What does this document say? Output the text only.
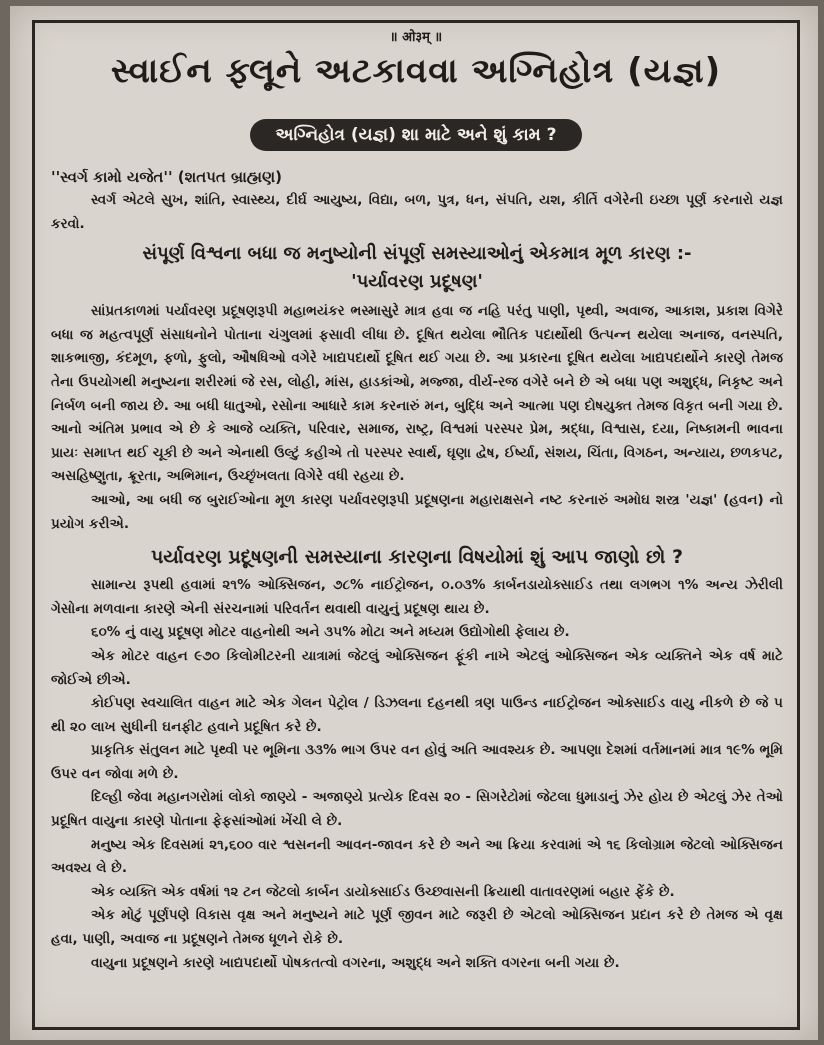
॥ ओ३म् ॥
સ્વાઈન ફ્લૂને અટકાવવા અગ્નિહોત્ર (યજ્ઞ)
અગ્નિહોત્ર (યજ્ઞ) શા માટે અને શું કામ ?

''સ્વર્ગ કામો યજેત'' (શતપત બ્રાહ્મણ)

સ્વર્ગ એટલે સુખ, શાંતિ, સ્વાસ્થ્ય, દીર્ઘ આયુષ્ય, વિદ્યા, બળ, પુત્ર, ધન, સંપતિ, યશ, કીર્તિ વગેરેની ઇચ્છા પૂર્ણ કરનારો યજ્ઞ કરવો.

સંપૂર્ણ વિશ્વના બધા જ મનુષ્યોની સંપૂર્ણ સમસ્યાઓનું એકમાત્ર મૂળ કારણ :-
'પર્યાવરણ પ્રદૂષણ'

સાંપ્રતકાળમાં પર્યાવરણ પ્રદૂષણરૂપી મહાભયંકર ભસ્માસુરે માત્ર હવા જ નહિ પરંતુ પાણી, પૃથ્વી, અવાજ, આકાશ, પ્રકાશ વિગેરે બધા જ મહત્વપૂર્ણ સંસાધનોને પોતાના ચંગુલમાં ફસાવી લીધા છે. દૂષિત થયેલા ભૌતિક પદાર્થોથી ઉત્પન્ન થયેલા અનાજ, વનસ્પતિ, શાકભાજી, કંદમૂળ, ફળો, ફુલો, ઔષધિઓ વગેરે ખાદ્યપદાર્થો દૂષિત થઈ ગયા છે. આ પ્રકારના દૂષિત થયેલા ખાદ્યપદાર્થોને કારણે તેમજ તેના ઉપયોગથી મનુષ્યના શરીરમાં જે રસ, લોહી, માંસ, હાડકાંઓ, મજ્જા, વીર્ય-રજ વગેરે બને છે એ બધા પણ અશુદ્ધ, નિકૃષ્ટ અને નિર્બળ બની જાય છે. આ બધી ધાતુઓ, રસોના આધારે કામ કરનારું મન, બુદ્ધિ અને આત્મા પણ દોષયુક્ત તેમજ વિકૃત બની ગયા છે. આનો અંતિમ પ્રભાવ એ છે કે આજે વ્યક્તિ, પરિવાર, સમાજ, રાષ્ટ્ર, વિશ્વમાં પરસ્પર પ્રેમ, શ્રદ્ધા, વિશ્વાસ, દયા, નિષ્કામની ભાવના પ્રાયઃ સમાપ્ત થઈ ચૂકી છે અને એનાથી ઉલ્ટું કહીએ તો પરસ્પર સ્વાર્થ, ઘૃણા દ્વેષ, ઈર્ષ્યા, સંશય, ચિંતા, વિગઠન, અન્યાય, છળકપટ, અસહિષ્ણુતા, ક્રૂરતા, અભિમાન, ઉચ્છૃંખલતા વિગેરે વધી રહયા છે.

આઓ, આ બધી જ બુરાઈઓના મૂળ કારણ પર્યાવરણરૂપી પ્રદૂષણના મહારાક્ષસને નષ્ટ કરનારું અમોઘ શસ્ત્ર 'યજ્ઞ' (હવન) નો પ્રયોગ કરીએ.

પર્યાવરણ પ્રદૂષણની સમસ્યાના કારણના વિષયોમાં શું આપ જાણો છો ?

સામાન્ય રૂપથી હવામાં ૨૧% ઓક્સિજન, ૭૮% નાઈટ્રોજન, ૦.૦૩% કાર્બનડાયોક્સાઈડ તથા લગભગ ૧% અન્ય ઝેરીલી ગેસોના મળવાના કારણે એની સંરચનામાં પરિવર્તન થવાથી વાયુનું પ્રદૂષણ થાય છે.

૬૦% નું વાયુ પ્રદૂષણ મોટર વાહનોથી અને ૩૫% મોટા અને મધ્યમ ઉદ્યોગોથી ફેલાય છે.

એક મોટર વાહન ૯૭૦ કિલોમીટરની યાત્રામાં જેટલું ઓક્સિજન ફૂંકી નાખે એટલું ઓક્સિજન એક વ્યક્તિને એક વર્ષ માટે જોઈએ છીએ.

કોઈપણ સ્વચાલિત વાહન માટે એક ગેલન પેટ્રોલ / ડિઝલના દહનથી ત્રણ પાઉન્ડ નાઈટ્રોજન ઓક્સાઈડ વાયુ નીકળે છે જે ૫ થી ૨૦ લાખ સુધીની ઘનફીટ હવાને પ્રદૂષિત કરે છે.

પ્રાકૃતિક સંતુલન માટે પૃથ્વી પર ભૂમિના ૩૩% ભાગ ઉપર વન હોવું અતિ આવશ્યક છે. આપણા દેશમાં વર્તમાનમાં માત્ર ૧૯% ભૂમિ ઉપર વન જોવા મળે છે.

દિલ્હી જેવા મહાનગરોમાં લોકો જાણ્યે - અજાણ્યે પ્રત્યેક દિવસ ૨૦ - સિગરેટોમાં જેટલા ધુમાડાનું ઝેર હોય છે એટલું ઝેર તેઓ પ્રદૂષિત વાયુના કારણે પોતાના ફેફસાંઓમાં ખેંચી લે છે.

મનુષ્ય એક દિવસમાં ૨૧,૬૦૦ વાર શ્વસનની આવન-જાવન કરે છે અને આ ક્રિયા કરવામાં એ ૧૬ કિલોગ્રામ જેટલો ઓક્સિજન અવશ્ય લે છે.

એક વ્યક્તિ એક વર્ષમાં ૧૨ ટન જેટલો કાર્બન ડાયોક્સાઈડ ઉચ્છ્વાસની ક્રિયાથી વાતાવરણમાં બહાર ફેંકે છે.

એક મોટું પૂર્ણપણે વિકાસ વૃક્ષ અને મનુષ્યને માટે પૂર્ણ જીવન માટે જરૂરી છે એટલો ઓક્સિજન પ્રદાન કરે છે તેમજ એ વૃક્ષ હવા, પાણી, અવાજ ના પ્રદૂષણને તેમજ ધૂળને રોકે છે.

વાયુના પ્રદૂષણને કારણે ખાદ્યપદાર્થો પોષકતત્વો વગરના, અશુદ્ધ અને શક્તિ વગરના બની ગયા છે.
